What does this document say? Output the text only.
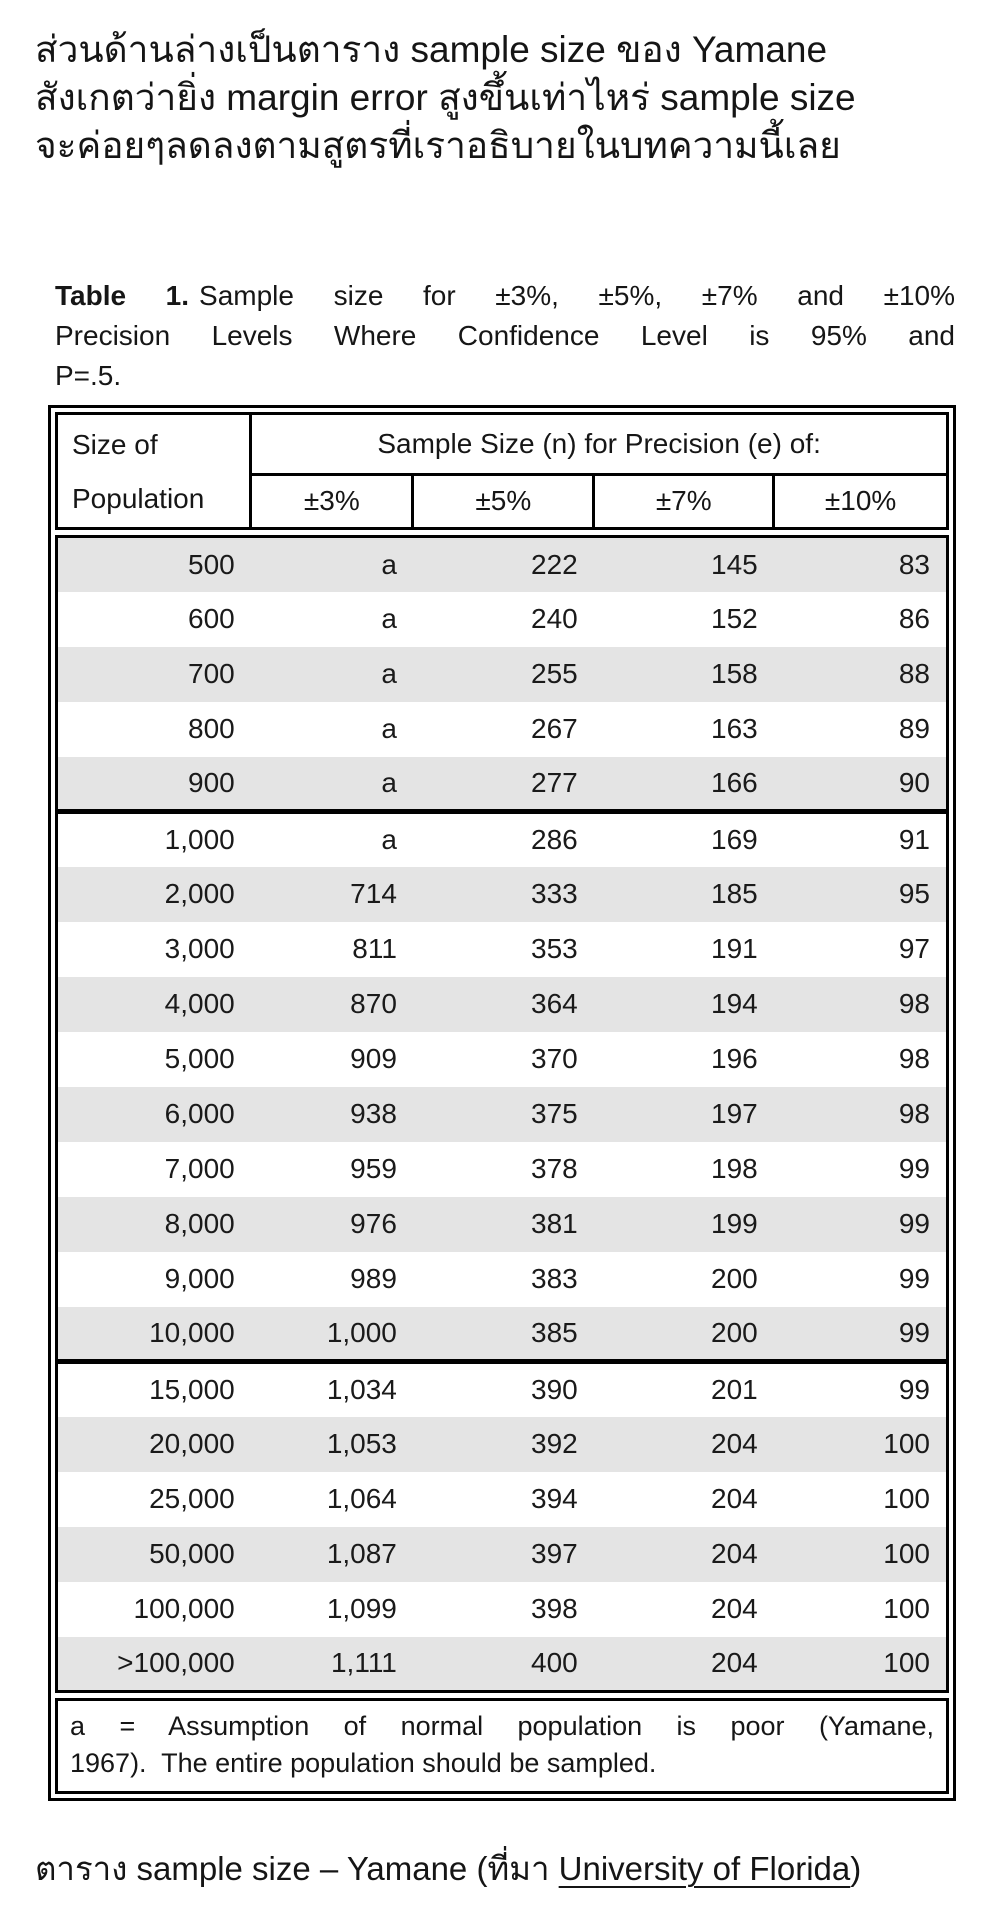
ส่วนด้านล่างเป็นตาราง sample size ของ Yamane
สังเกตว่ายิ่ง margin error สูงขึ้นเท่าไหร่ sample size
จะค่อยๆลดลงตามสูตรที่เราอธิบายในบทความนี้เลย
Table 1. Sample size for ±3%, ±5%, ±7% and ±10%
Precision Levels Where Confidence Level is 95% and
P=.5.
Size of
Population	Sample Size (n) for Precision (e) of:			
	±3%	±5%	±7%	±10%
500	a	222	145	83
600	a	240	152	86
700	a	255	158	88
800	a	267	163	89
900	a	277	166	90
1,000	a	286	169	91
2,000	714	333	185	95
3,000	811	353	191	97
4,000	870	364	194	98
5,000	909	370	196	98
6,000	938	375	197	98
7,000	959	378	198	99
8,000	976	381	199	99
9,000	989	383	200	99
10,000	1,000	385	200	99
15,000	1,034	390	201	99
20,000	1,053	392	204	100
25,000	1,064	394	204	100
50,000	1,087	397	204	100
100,000	1,099	398	204	100
>100,000	1,111	400	204	100
a = Assumption of normal population is poor (Yamane,
1967).  The entire population should be sampled.
ตาราง sample size – Yamane (ที่มา University of Florida)
